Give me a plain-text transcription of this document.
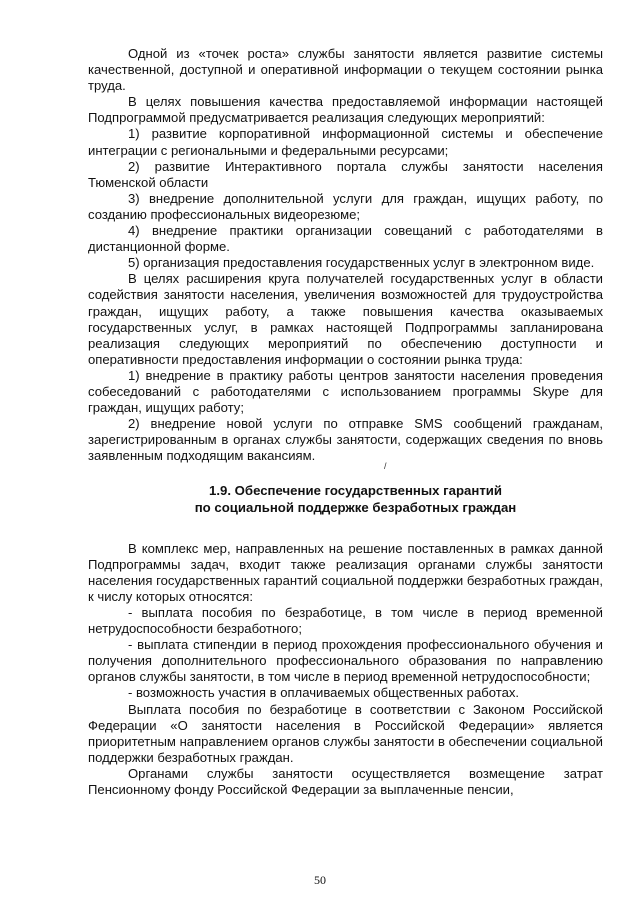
Одной из «точек роста» службы занятости является развитие системы качественной, доступной и оперативной информации о текущем состоянии рынка труда.

В целях повышения качества предоставляемой информации настоящей Подпрограммой предусматривается реализация следующих мероприятий:

1) развитие корпоративной информационной системы и обеспечение интеграции с региональными и федеральными ресурсами;

2) развитие Интерактивного портала службы занятости населения Тюменской области

3) внедрение дополнительной услуги для граждан, ищущих работу, по созданию профессиональных видеорезюме;

4) внедрение практики организации совещаний с работодателями в дистанционной форме.

5) организация предоставления государственных услуг в электронном виде.

В целях расширения круга получателей государственных услуг в области содействия занятости населения, увеличения возможностей для трудоустройства граждан, ищущих работу, а также повышения качества оказываемых государственных услуг, в рамках настоящей Подпрограммы запланирована реализация следующих мероприятий по обеспечению доступности и оперативности предоставления информации о состоянии рынка труда:

1) внедрение в практику работы центров занятости населения проведения собеседований с работодателями с использованием программы Skype для граждан, ищущих работу;

2) внедрение новой услуги по отправке SMS сообщений гражданам, зарегистрированным в органах службы занятости, содержащих сведения по вновь заявленным подходящим вакансиям.

1.9. Обеспечение государственных гарантий
по социальной поддержке безработных граждан

В комплекс мер, направленных на решение поставленных в рамках данной Подпрограммы задач, входит также реализация органами службы занятости населения государственных гарантий социальной поддержки безработных граждан, к числу которых относятся:

- выплата пособия по безработице, в том числе в период временной нетрудоспособности безработного;

- выплата стипендии в период прохождения профессионального обучения и получения дополнительного профессионального образования по направлению органов службы занятости, в том числе в период временной нетрудоспособности;

- возможность участия в оплачиваемых общественных работах.

Выплата пособия по безработице в соответствии с Законом Российской Федерации «О занятости населения в Российской Федерации» является приоритетным направлением органов службы занятости в обеспечении социальной поддержки безработных граждан.

Органами службы занятости осуществляется возмещение затрат Пенсионному фонду Российской Федерации за выплаченные пенсии,

/
50
